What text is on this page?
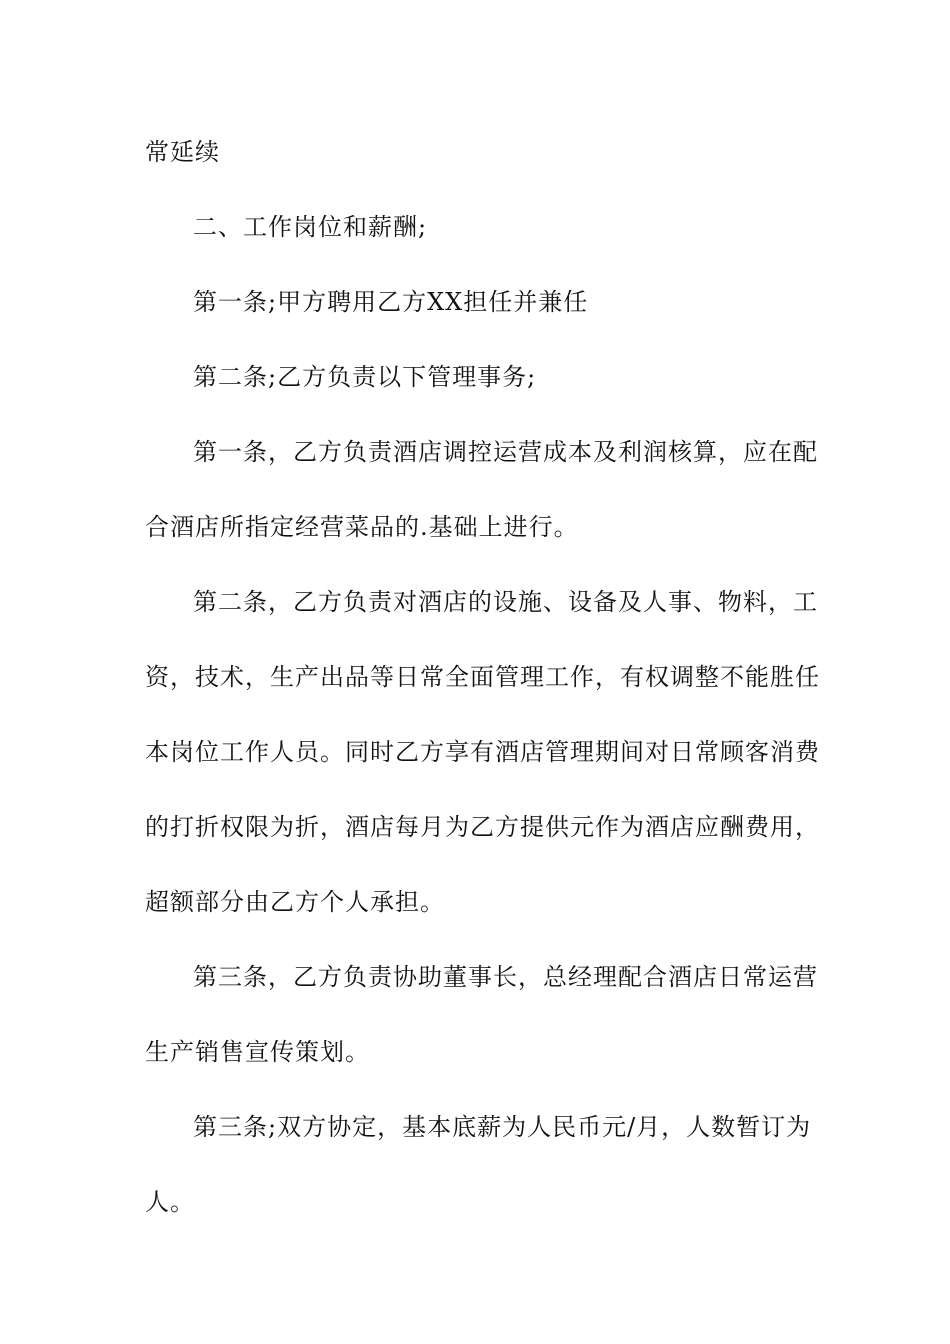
常延续
二、工作岗位和薪酬;
第一条;甲方聘用乙方XX担任并兼任
第二条;乙方负责以下管理事务;
第一条，乙方负责酒店调控运营成本及利润核算，应在配
合酒店所指定经营菜品的.基础上进行。
第二条，乙方负责对酒店的设施、设备及人事、物料，工
资，技术，生产出品等日常全面管理工作，有权调整不能胜任
本岗位工作人员。同时乙方享有酒店管理期间对日常顾客消费
的打折权限为折，酒店每月为乙方提供元作为酒店应酬费用，
超额部分由乙方个人承担。
第三条，乙方负责协助董事长，总经理配合酒店日常运营
生产销售宣传策划。
第三条;双方协定，基本底薪为人民币元/月，人数暂订为
人。
